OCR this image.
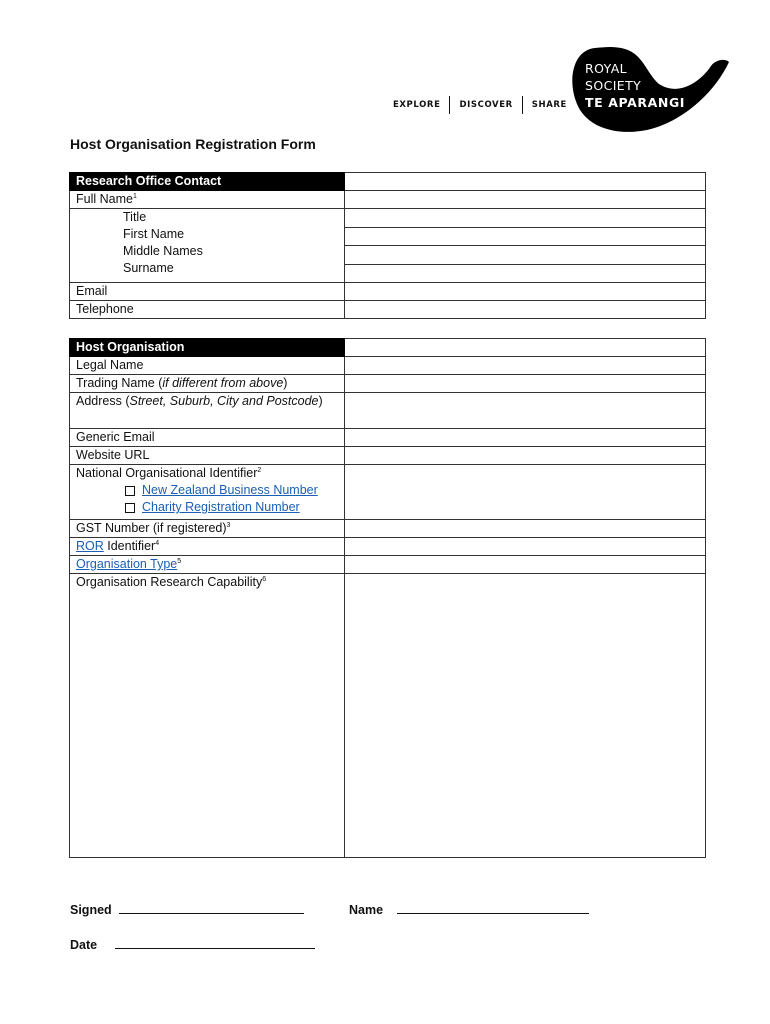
EXPLORE	DISCOVER	SHARE
ROYAL
SOCIETY
TE APARANGI
Host Organisation Registration Form
Research Office Contact	
Full Name$^1$	

Title
First Name
Middle Names
Surname	

Email	
Telephone	
Host Organisation	
Legal Name	
Trading Name (if different from above)	
Address (Street, Suburb, City and Postcode)	
Generic Email	
Website URL	

National Organisational Identifier$^2$
New Zealand Business Number
Charity Registration Number	

GST Number (if registered)$^3$	
ROR Identifier$^4$	
Organisation Type$^5$	
Organisation Research Capability$^6$	
Signed	Name
Date
